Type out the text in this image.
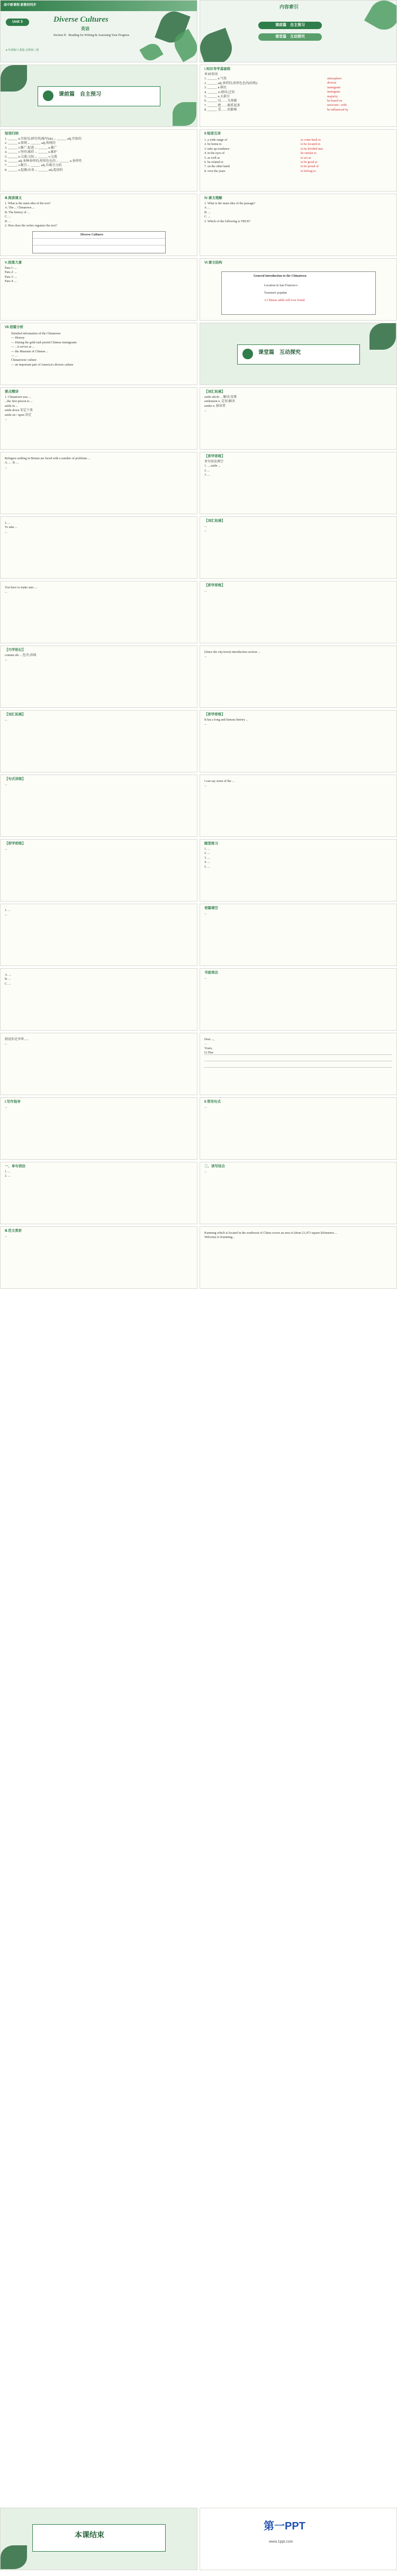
高中新课程 新教材同步
Unit 3	Diverse Cultures
英语
Section D   Reading for Writing & Assessing Your Progress
● 外研版/人教版 必修第三册
内容索引
课前篇　自主预习
课堂篇　互动探究
课前篇　自主预习
Ⅰ.知识导学基础练
单词/短语
1. ______ n.气氛
2. ______ adj.多样的;形形色色的(结构)
3. ______ n.移民
4. ______ vi.移居;迁居
5. ______ n.大部分
6. ______ 以……为基础
7. ______ 把……联系起来
8. ______ 受……的影响
atmosphere
diverse
immigrant
immigrate
majority
be based on
associate...with
be influenced by
短语归纳
1. ______ n.实验室;研究所(缩写lab)→ ______ adj.实验的
2. ______ n.传统→ ______ adj.传统的
3. ______ v.推广;促进→ ______ n.推广
4. ______ v.坚持;维持→ ______ n.维护
5. ______ n.交流;交际→ ______ v.交流
6. ______ adj.多种多样的;形形色色的→ ______ n.多样性
7. ______ v.吸引→ ______ adj.有吸引力的
8. ______ n.起源;出身→ ______ adj.起初的
Ⅱ.短语互译
1. a wide range of
2. be home to
3. take up residence
4. in the eyes of
5. as well as
6. be related to
7. on the other hand
8. over the years
to come back to
to be located in
to be divided into
be similar to
to act as
to be good at
to be proud of
to belong to
Ⅲ.阅读课文
1. What is the main idea of the text?
A. The ... Chinatown ...
B. The history of ...
C. ...
D. ...
2. How does the writer organize the text?
Diverse Cultures
Ⅳ.课文理解
1. What is the main idea of the passage?
A. ...
B. ...
C. ...
2. Which of the following is TRUE?
Ⅴ.段落大意
Para 1: ...
Para 2: ...
Para 3: ...
Para 4: ...
Ⅵ.课文结构
General introduction to the Chinatown
Location in San Francisco
Tourism's popular
A Chinese adult will ever found
Ⅶ.语篇分析
Detailed information of the Chinatown
— History
— During the gold rush period Chinese immigrants
— ...it serves as ...
— the Museum of Chinese ...
— ...
Chinatowns' culture
— an important part of America's diverse culture
课堂篇　互动探究
要点精讲
1. Chinatown was ...
...the first person to ...
settle in ...
settle down 安定下来
settle on / upon 决定
...
【词汇拓展】
settle sth/sb ... 解决;安排
settlement n. 定居;解决
settler n. 移居者
...
Refugees settling in Britain are faced with a number of problems ...
A. ...  B. ...
...
【即学即练】
单句语法填空
1. ... settle ...
2. ...
3. ...
2. ...
To take ...
...
【词汇拓展】
...
...
You have to make sure ...
...
【即学即练】
...
【巧学助记】
contain sth ... 包含;容纳
...
(Since the city/town) introduction section ...
...
【词汇拓展】
...
【即学即练】
It has a long and famous history ...
...
【句式讲练】
...
I can say some of the ...
...
【即学即练】
...
随堂练习
1. ...
2. ...
3. ...
4. ...
5. ...
1. ...
...
语篇填空
...
A. ...
B. ...
C. ...
书面表达
...
假设你是李华......
...
Dear ...,
...
Yours,
Li Hua
Ⅰ.写作指导
...
Ⅱ.常用句式
...
一、单句语法
1. ...
2. ...
二、读写结合
...
Ⅲ.范文赏析
...
Kunming which is located in the southwest of China covers an area of about 21,473 square kilometres ...
Welcome to Kunming...
本课结束
第一PPT
www.1ppt.com
